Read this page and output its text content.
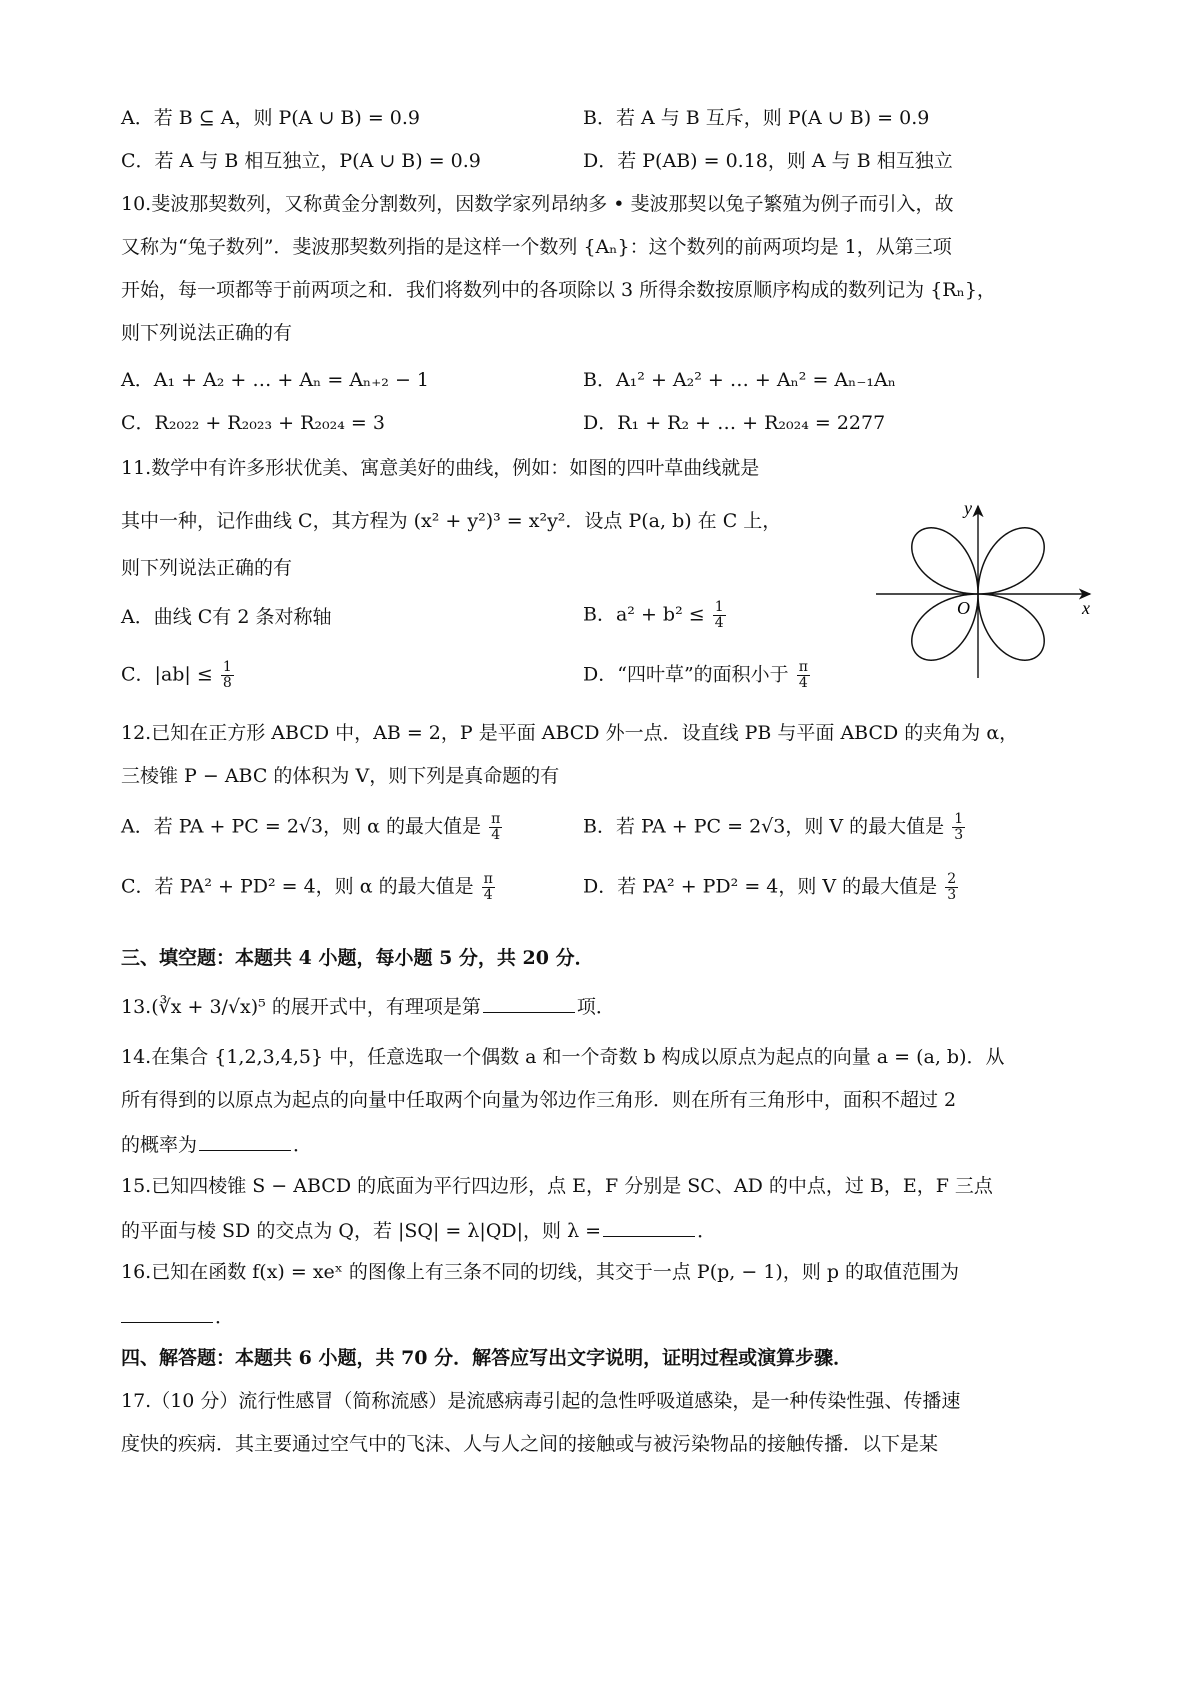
A．若 B ⊆ A，则 P(A ∪ B) = 0.9	B．若 A 与 B 互斥，则 P(A ∪ B) = 0.9
C．若 A 与 B 相互独立，P(A ∪ B) = 0.9	D．若 P(AB) = 0.18，则 A 与 B 相互独立
10.斐波那契数列，又称黄金分割数列，因数学家列昂纳多 • 斐波那契以兔子繁殖为例子而引入，故
又称为“兔子数列”．斐波那契数列指的是这样一个数列 {Aₙ}：这个数列的前两项均是 1，从第三项
开始，每一项都等于前两项之和．我们将数列中的各项除以 3 所得余数按原顺序构成的数列记为 {Rₙ}，
则下列说法正确的有
A．A₁ + A₂ + … + Aₙ = Aₙ₊₂ − 1	B．A₁² + A₂² + … + Aₙ² = Aₙ₋₁Aₙ
C．R₂₀₂₂ + R₂₀₂₃ + R₂₀₂₄ = 3	D．R₁ + R₂ + … + R₂₀₂₄ = 2277
11.数学中有许多形状优美、寓意美好的曲线，例如：如图的四叶草曲线就是
其中一种，记作曲线 C，其方程为 (x² + y²)³ = x²y²．设点 P(a, b) 在 C 上，
则下列说法正确的有
A．曲线 C有 2 条对称轴	B．$a^2 + b^2 \le \frac{1}{4}$
C．$|ab| \le \frac{1}{8}$	D．“四叶草”的面积小于 $\frac{\pi}{4}$
y
x
O
12.已知在正方形 ABCD 中，AB = 2，P 是平面 ABCD 外一点．设直线 PB 与平面 ABCD 的夹角为 α，
三棱锥 P − ABC 的体积为 V，则下列是真命题的有
A．若 PA + PC = 2√3，则 α 的最大值是 $\frac{\pi}{4}$	B．若 PA + PC = 2√3，则 V 的最大值是 $\frac{1}{3}$
C．若 PA² + PD² = 4，则 α 的最大值是 $\frac{\pi}{4}$	D．若 PA² + PD² = 4，则 V 的最大值是 $\frac{2}{3}$
三、填空题：本题共 4 小题，每小题 5 分，共 20 分．
13.(∛x + 3/√x)⁵ 的展开式中，有理项是第	项．
14.在集合 {1,2,3,4,5} 中，任意选取一个偶数 a 和一个奇数 b 构成以原点为起点的向量 a = (a, b)．从
所有得到的以原点为起点的向量中任取两个向量为邻边作三角形．则在所有三角形中，面积不超过 2
的概率为	．
15.已知四棱锥 S − ABCD 的底面为平行四边形，点 E，F 分别是 SC、AD 的中点，过 B，E，F 三点
的平面与棱 SD 的交点为 Q，若 |SQ| = λ|QD|，则 λ =	．
16.已知在函数 f(x) = xeˣ 的图像上有三条不同的切线，其交于一点 P(p, − 1)，则 p 的取值范围为
．
四、解答题：本题共 6 小题，共 70 分．解答应写出文字说明，证明过程或演算步骤．
17.（10 分）流行性感冒（简称流感）是流感病毒引起的急性呼吸道感染，是一种传染性强、传播速
度快的疾病．其主要通过空气中的飞沫、人与人之间的接触或与被污染物品的接触传播．以下是某
